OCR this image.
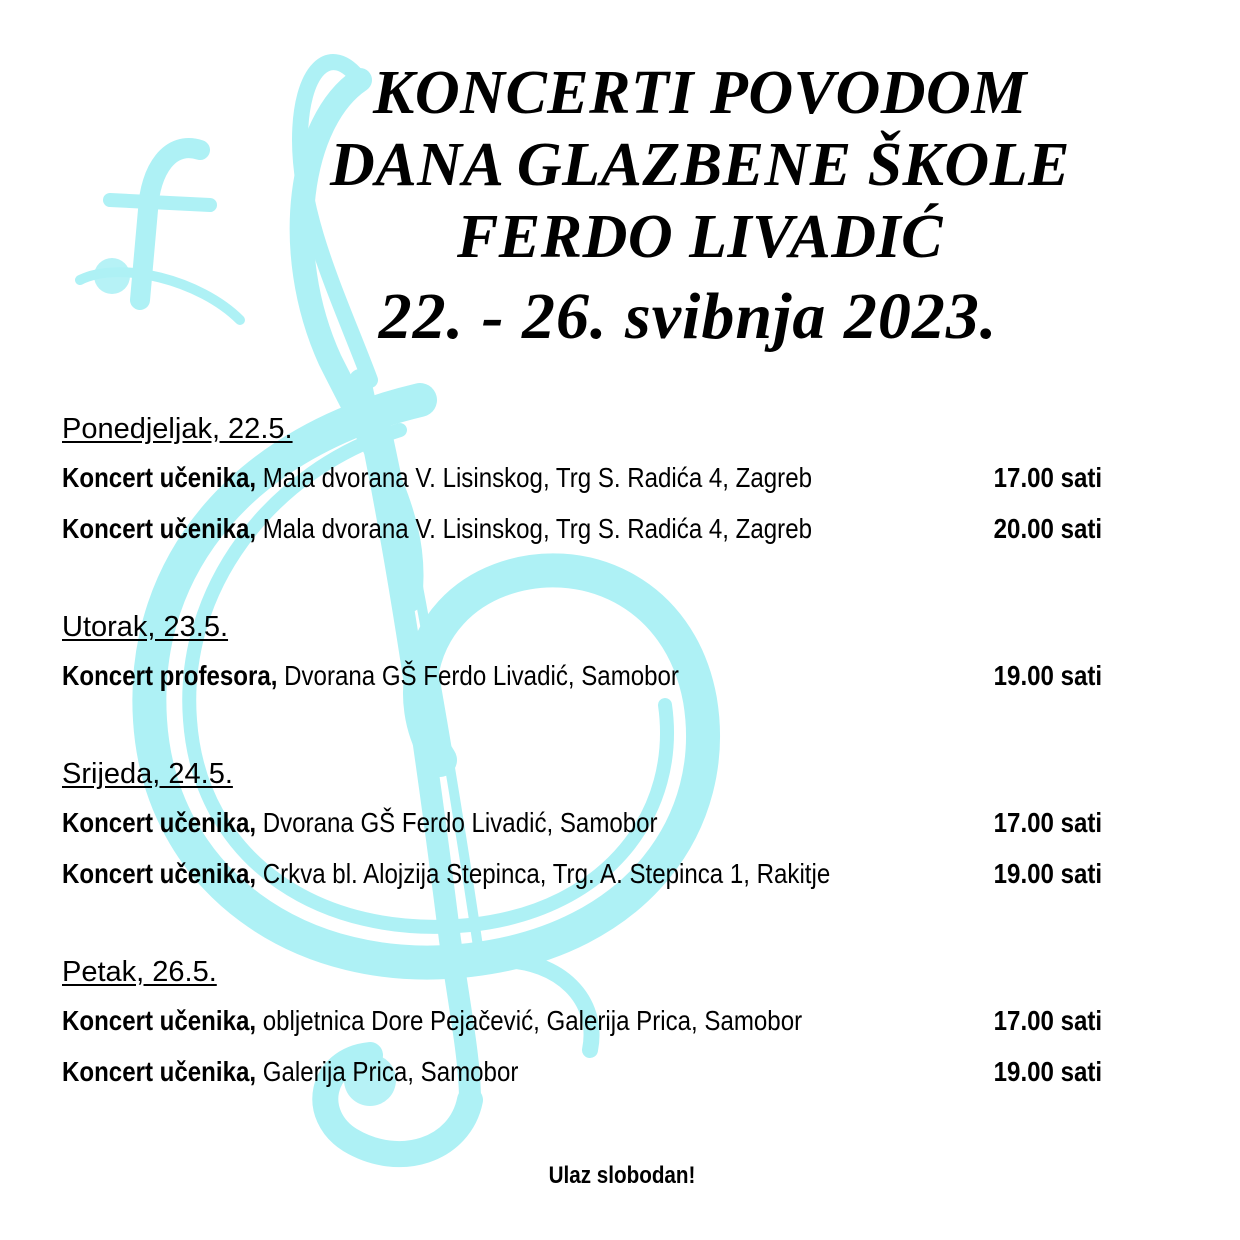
KONCERTI POVODOM
DANA GLAZBENE ŠKOLE
FERDO LIVADIĆ
22. - 26. svibnja 2023.
Ponedjeljak, 22.5.
Koncert učenika, Mala dvorana V. Lisinskog, Trg S. Radića 4, Zagreb	17.00 sati
Koncert učenika, Mala dvorana V. Lisinskog, Trg S. Radića 4, Zagreb	20.00 sati
Utorak, 23.5.
Koncert profesora, Dvorana GŠ Ferdo Livadić, Samobor	19.00 sati
Srijeda, 24.5.
Koncert učenika, Dvorana GŠ Ferdo Livadić, Samobor	17.00 sati
Koncert učenika, Crkva bl. Alojzija Stepinca, Trg. A. Stepinca 1, Rakitje	19.00 sati
Petak, 26.5.
Koncert učenika, obljetnica Dore Pejačević, Galerija Prica, Samobor	17.00 sati
Koncert učenika, Galerija Prica, Samobor	19.00 sati
Ulaz slobodan!
